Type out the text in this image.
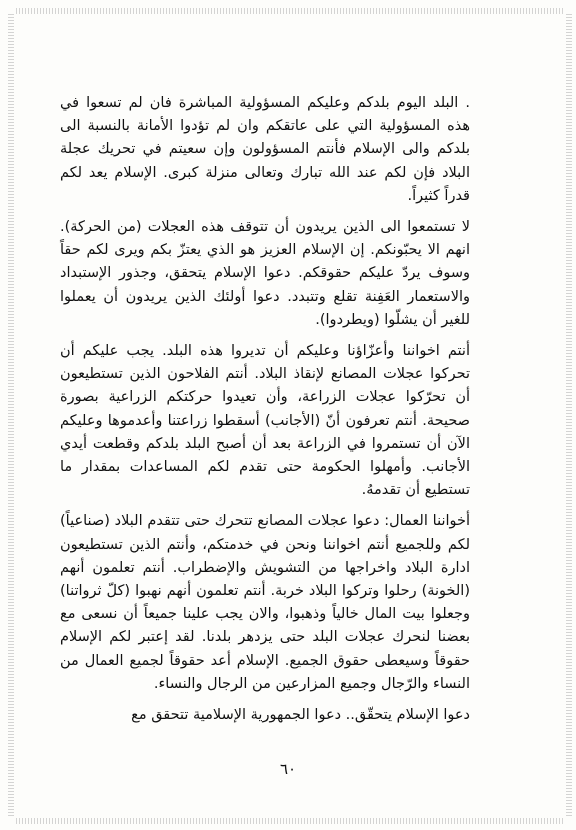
. البلد اليوم بلدكم وعليكم المسؤولية المباشرة فان لم تسعوا في هذه المسؤولية التي على عاتقكم وان لم تؤدوا الأمانة بالنسبة الى بلدكم والى الإسلام فأنتم المسؤولون وإن سعيتم في تحريك عجلة البلاد فإن لكم عند الله تبارك وتعالى منزلة كبرى. الإسلام يعد لكم قدراً كثيراً.

لا تستمعوا الى الذين يريدون أن تتوقف هذه العجلات (من الحركة). انهم الا يحبّونكم. إن الإسلام العزيز هو الذي يعتزّ بكم ويرى لكم حقاً وسوف يردّ عليكم حقوقكم. دعوا الإسلام يتحقق، وجذور الإستبداد والاستعمار العَفِنة تقلع وتتبدد. دعوا أولئك الذين يريدون أن يعملوا للغير أن يشلّوا (ويطردوا).

أنتم اخواننا وأعزّاؤنا وعليكم أن تديروا هذه البلد. يجب عليكم أن تحركوا عجلات المصانع لإنقاذ البلاد. أنتم الفلاحون الذين تستطيعون أن تحرّكوا عجلات الزراعة، وأن تعيدوا حركتكم الزراعية بصورة صحيحة. أنتم تعرفون أنّ (الأجانب) أسقطوا زراعتنا وأعدموها وعليكم الآن أن تستمروا في الزراعة بعد أن أصبح البلد بلدكم وقطعت أيدي الأجانب. وأمهلوا الحكومة حتى تقدم لكم المساعدات بمقدار ما تستطيع أن تقدمهُ.

أخواننا العمال: دعوا عجلات المصانع تتحرك حتى تتقدم البلاد (صناعياً) لكم وللجميع أنتم اخواننا ونحن في خدمتكم، وأنتم الذين تستطيعون ادارة البلاد واخراجها من التشويش والإضطراب. أنتم تعلمون أنهم (الخونة) رحلوا وتركوا البلاد خربة. أنتم تعلمون أنهم نهبوا (كلّ ثرواتنا) وجعلوا بيت المال خالياً وذهبوا، والان يجب علينا جميعاً أن نسعى مع بعضنا لنحرك عجلات البلد حتى يزدهر بلدنا. لقد إعتبر لكم الإسلام حقوقاً وسيعطى حقوق الجميع. الإسلام أعد حقوقاً لجميع العمال من النساء والرّجال وجميع المزارعين من الرجال والنساء.

دعوا الإسلام يتحقّق.. دعوا الجمهورية الإسلامية تتحقق مع

٦٠
